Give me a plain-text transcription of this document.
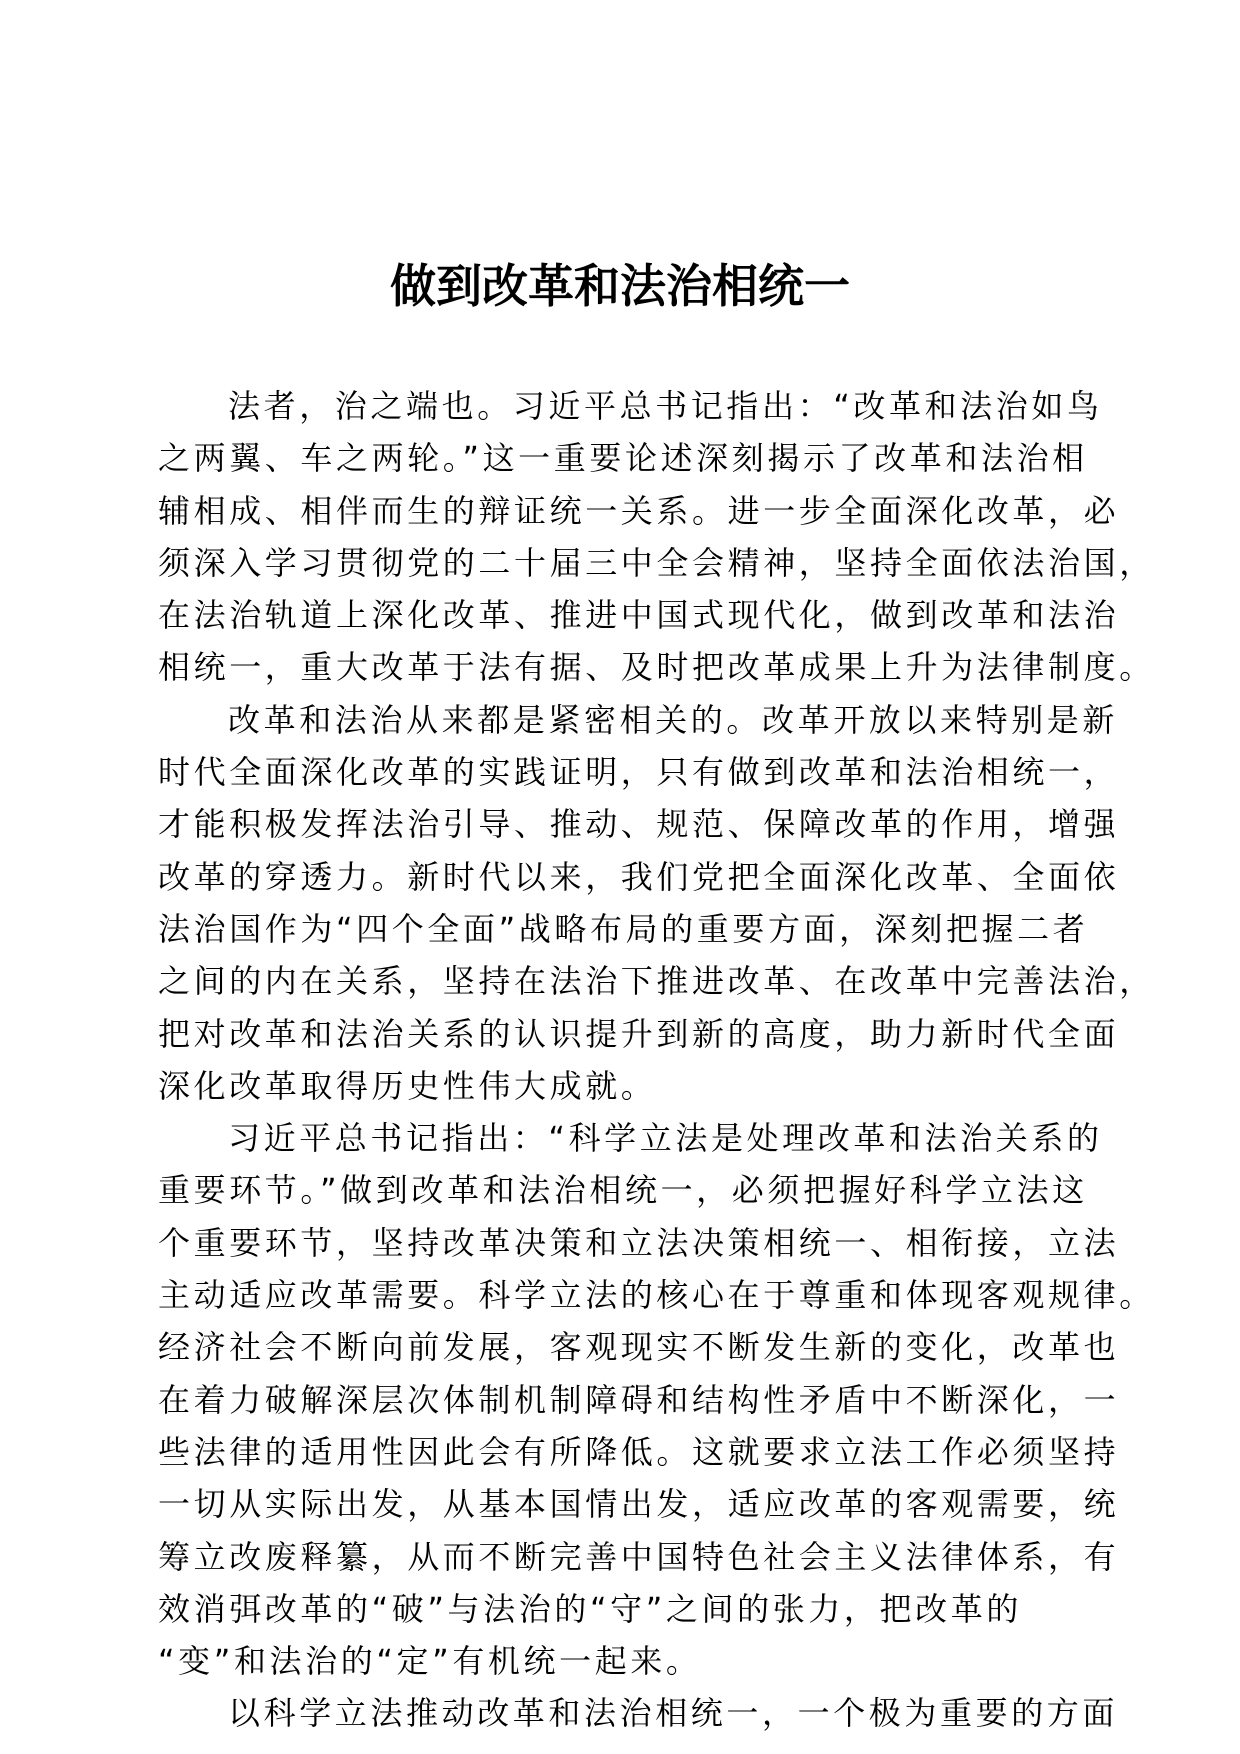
做到改革和法治相统一
法者，治之端也。习近平总书记指出：“改革和法治如鸟
之两翼、车之两轮。”这一重要论述深刻揭示了改革和法治相
辅相成、相伴而生的辩证统一关系。进一步全面深化改革，必
须深入学习贯彻党的二十届三中全会精神，坚持全面依法治国，
在法治轨道上深化改革、推进中国式现代化，做到改革和法治
相统一，重大改革于法有据、及时把改革成果上升为法律制度。
改革和法治从来都是紧密相关的。改革开放以来特别是新
时代全面深化改革的实践证明，只有做到改革和法治相统一，
才能积极发挥法治引导、推动、规范、保障改革的作用，增强
改革的穿透力。新时代以来，我们党把全面深化改革、全面依
法治国作为“四个全面”战略布局的重要方面，深刻把握二者
之间的内在关系，坚持在法治下推进改革、在改革中完善法治，
把对改革和法治关系的认识提升到新的高度，助力新时代全面
深化改革取得历史性伟大成就。
习近平总书记指出：“科学立法是处理改革和法治关系的
重要环节。”做到改革和法治相统一，必须把握好科学立法这
个重要环节，坚持改革决策和立法决策相统一、相衔接，立法
主动适应改革需要。科学立法的核心在于尊重和体现客观规律。
经济社会不断向前发展，客观现实不断发生新的变化，改革也
在着力破解深层次体制机制障碍和结构性矛盾中不断深化，一
些法律的适用性因此会有所降低。这就要求立法工作必须坚持
一切从实际出发，从基本国情出发，适应改革的客观需要，统
筹立改废释纂，从而不断完善中国特色社会主义法律体系，有
效消弭改革的“破”与法治的“守”之间的张力，把改革的
“变”和法治的“定”有机统一起来。
以科学立法推动改革和法治相统一，一个极为重要的方面
